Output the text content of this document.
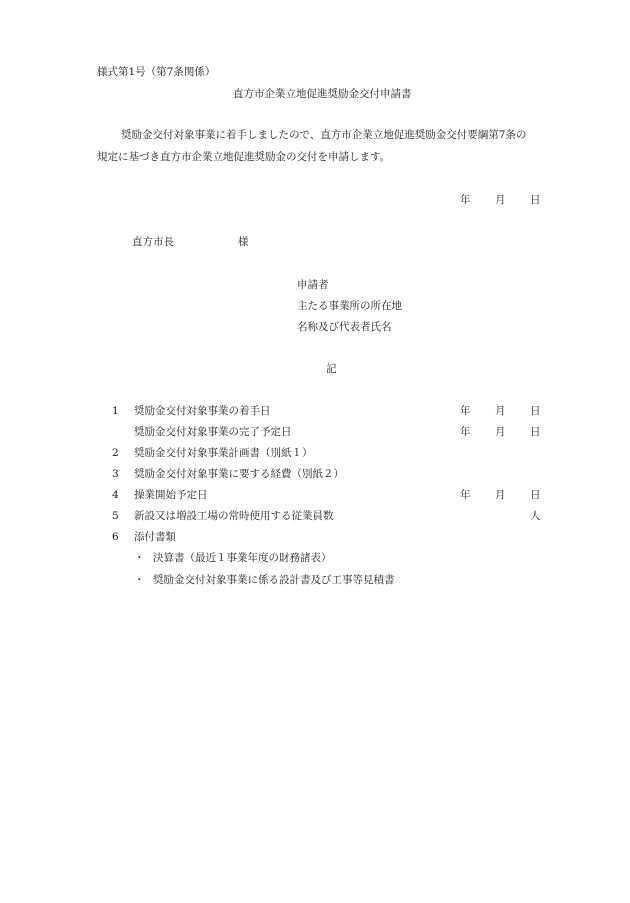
様式第1号（第7条関係）
直方市企業立地促進奨励金交付申請書
奨励金交付対象事業に着手しましたので、直方市企業立地促進奨励金交付要綱第7条の
規定に基づき直方市企業立地促進奨励金の交付を申請します。
年 月 日
直方市長	様
申請者
主たる事業所の所在地
名称及び代表者氏名
記
1 奨励金交付対象事業の着手日	年 月 日
奨励金交付対象事業の完了予定日	年 月 日
2 奨励金交付対象事業計画書（別紙１）
3 奨励金交付対象事業に要する経費（別紙２）
4 操業開始予定日	年 月 日
5 新設又は増設工場の常時使用する従業員数	人
6 添付書類
・ 決算書（最近１事業年度の財務諸表）
・ 奨励金交付対象事業に係る設計書及び工事等見積書
